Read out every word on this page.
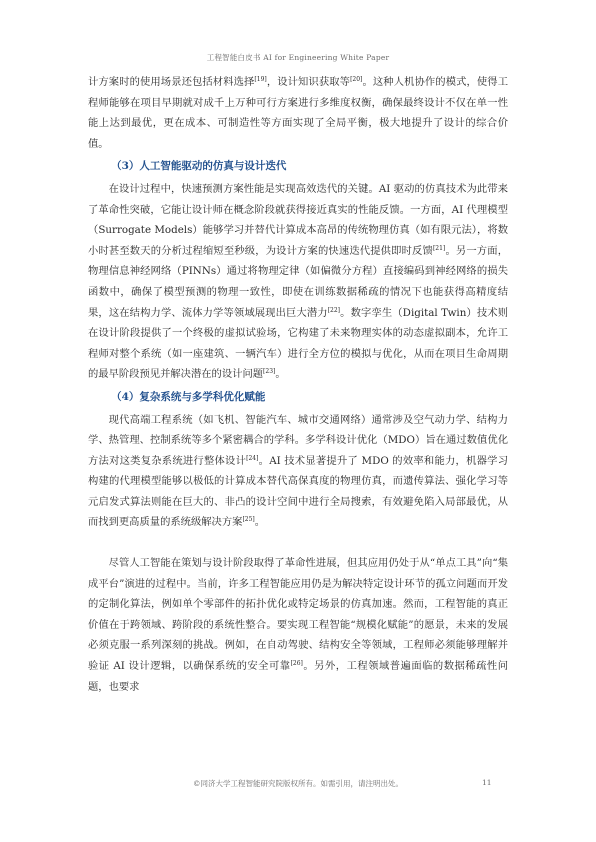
工程智能白皮书 AI for Engineering White Paper

计方案时的使用场景还包括材料选择[19]，设计知识获取等[20]。这种人机协作的模式，使得工程师能够在项目早期就对成千上万种可行方案进行多维度权衡，确保最终设计不仅在单一性能上达到最优，更在成本、可制造性等方面实现了全局平衡，极大地提升了设计的综合价值。

（3）人工智能驱动的仿真与设计迭代

在设计过程中，快速预测方案性能是实现高效迭代的关键。AI 驱动的仿真技术为此带来了革命性突破，它能让设计师在概念阶段就获得接近真实的性能反馈。一方面，AI 代理模型（Surrogate Models）能够学习并替代计算成本高昂的传统物理仿真（如有限元法），将数小时甚至数天的分析过程缩短至秒级，为设计方案的快速迭代提供即时反馈[21]。另一方面，物理信息神经网络（PINNs）通过将物理定律（如偏微分方程）直接编码到神经网络的损失函数中，确保了模型预测的物理一致性，即使在训练数据稀疏的情况下也能获得高精度结果，这在结构力学、流体力学等领域展现出巨大潜力[22]。数字孪生（Digital Twin）技术则在设计阶段提供了一个终极的虚拟试验场，它构建了未来物理实体的动态虚拟副本，允许工程师对整个系统（如一座建筑、一辆汽车）进行全方位的模拟与优化，从而在项目生命周期的最早阶段预见并解决潜在的设计问题[23]。

（4）复杂系统与多学科优化赋能

现代高端工程系统（如飞机、智能汽车、城市交通网络）通常涉及空气动力学、结构力学、热管理、控制系统等多个紧密耦合的学科。多学科设计优化（MDO）旨在通过数值优化方法对这类复杂系统进行整体设计[24]。AI 技术显著提升了 MDO 的效率和能力，机器学习构建的代理模型能够以极低的计算成本替代高保真度的物理仿真，而遗传算法、强化学习等元启发式算法则能在巨大的、非凸的设计空间中进行全局搜索，有效避免陷入局部最优，从而找到更高质量的系统级解决方案[25]。

尽管人工智能在策划与设计阶段取得了革命性进展，但其应用仍处于从“单点工具”向“集成平台”演进的过程中。当前，许多工程智能应用仍是为解决特定设计环节的孤立问题而开发的定制化算法，例如单个零部件的拓扑优化或特定场景的仿真加速。然而，工程智能的真正价值在于跨领域、跨阶段的系统性整合。要实现工程智能“规模化赋能”的愿景，未来的发展必须克服一系列深刻的挑战。例如，在自动驾驶、结构安全等领域，工程师必须能够理解并验证 AI 设计逻辑，以确保系统的安全可靠[26]。另外，工程领域普遍面临的数据稀疏性问题，也要求

©同济大学工程智能研究院版权所有。如需引用，请注明出处。	11
